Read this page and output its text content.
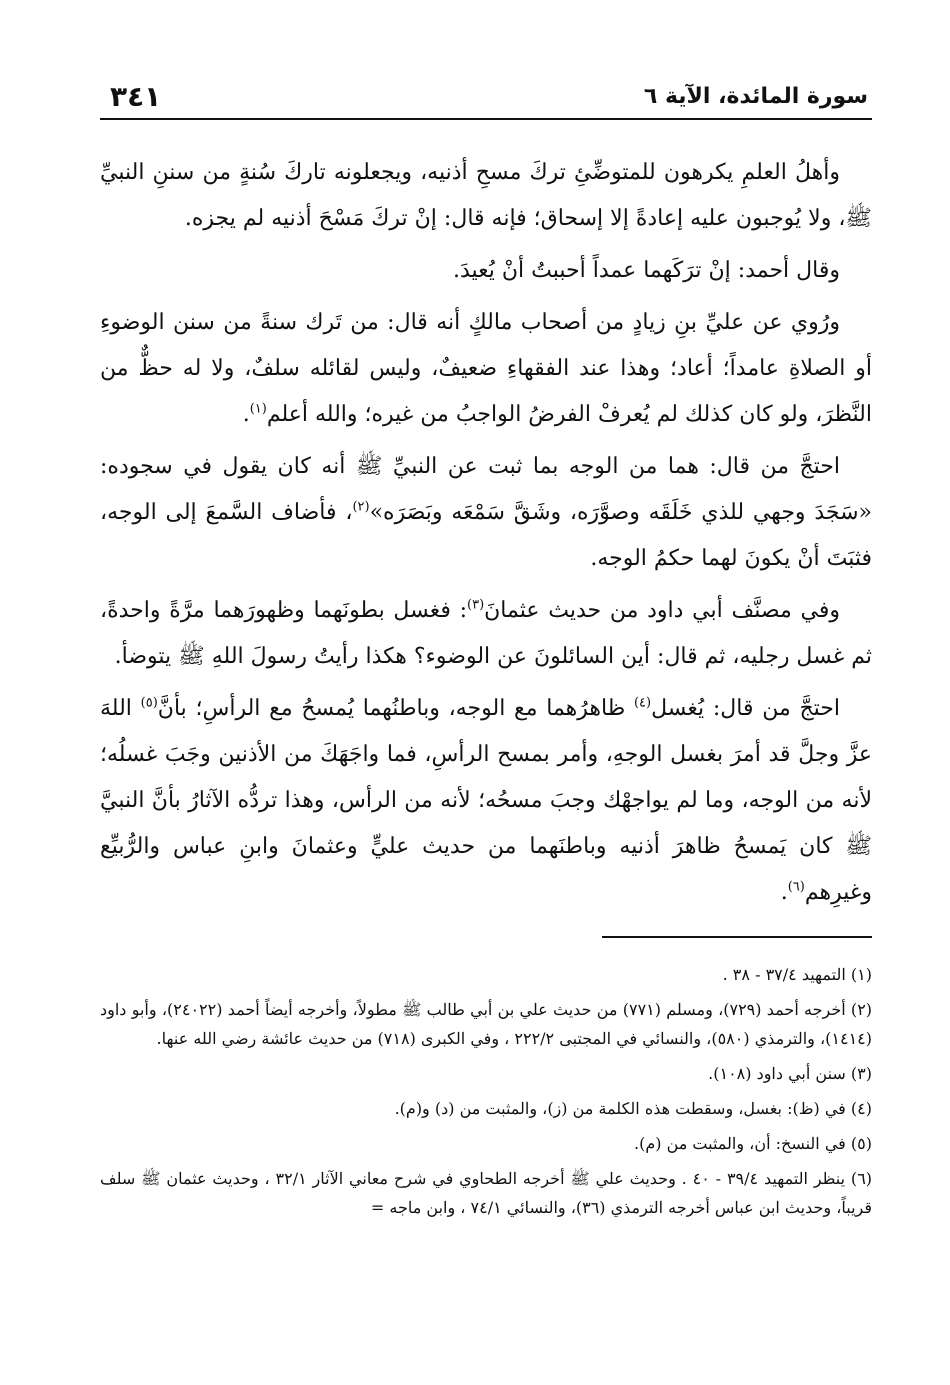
سورة المائدة، الآية ٦
٣٤١

وأهلُ العلمِ يكرهون للمتوضِّئِ تركَ مسحِ أذنيه، ويجعلونه تاركَ سُنةٍ من سننِ النبيِّ ﷺ، ولا يُوجبون عليه إعادةً إلا إسحاق؛ فإنه قال: إنْ تركَ مَسْحَ أذنيه لم يجزه.

وقال أحمد: إنْ ترَكَهما عمداً أحببتُ أنْ يُعيدَ.

ورُوي عن عليِّ بنِ زيادٍ من أصحاب مالكٍ أنه قال: من تَرك سنةً من سنن الوضوءِ أو الصلاةِ عامداً؛ أعاد؛ وهذا عند الفقهاءِ ضعيفٌ، وليس لقائله سلفٌ، ولا له حظٌّ من النَّظرَ، ولو كان كذلك لم يُعرفْ الفرضُ الواجبُ من غيره؛ والله أعلم$^{(١)}$.

احتجَّ من قال: هما من الوجه بما ثبت عن النبيِّ ﷺ أنه كان يقول في سجوده: «سَجَدَ وجهي للذي خَلَقَه وصوَّرَه، وشَقَّ سَمْعَه وبَصَرَه»$^{(٢)}$، فأضاف السَّمعَ إلى الوجه، فثبَتَ أنْ يكونَ لهما حكمُ الوجه.

وفي مصنَّف أبي داود من حديث عثمانَ$^{(٣)}$: فغسل بطونَهما وظهورَهما مرَّةً واحدةً، ثم غسل رجليه، ثم قال: أين السائلونَ عن الوضوء؟ هكذا رأيتُ رسولَ اللهِ ﷺ يتوضأ.

احتجَّ من قال: يُغسل$^{(٤)}$ ظاهرُهما مع الوجه، وباطنُهما يُمسحُ مع الرأسِ؛ بأنَّ$^{(٥)}$ اللهَ عزَّ وجلَّ قد أمرَ بغسل الوجهِ، وأمر بمسح الرأسِ، فما واجَهَكَ من الأذنين وجَبَ غسلُه؛ لأنه من الوجه، وما لم يواجهْك وجبَ مسحُه؛ لأنه من الرأس، وهذا تردُّه الآثارُ بأنَّ النبيَّ ﷺ كان يَمسحُ ظاهرَ أذنيه وباطنَهما من حديث عليٍّ وعثمانَ وابنِ عباس والرُّبيِّع وغيرِهم$^{(٦)}$.

(١) التمهيد ٣٧/٤ - ٣٨ .

(٢) أخرجه أحمد (٧٢٩)، ومسلم (٧٧١) من حديث علي بن أبي طالب ﷺ مطولاً، وأخرجه أيضاً أحمد (٢٤٠٢٢)، وأبو داود (١٤١٤)، والترمذي (٥٨٠)، والنسائي في المجتبى ٢٢٢/٢ ، وفي الكبرى (٧١٨) من حديث عائشة رضي الله عنها.

(٣) سنن أبي داود (١٠٨).

(٤) في (ظ): بغسل، وسقطت هذه الكلمة من (ز)، والمثبت من (د) و(م).

(٥) في النسخ: أن، والمثبت من (م).

(٦) ينظر التمهيد ٣٩/٤ - ٤٠ . وحديث علي ﷺ أخرجه الطحاوي في شرح معاني الآثار ٣٢/١ ، وحديث عثمان ﷺ سلف قريباً، وحديث ابن عباس أخرجه الترمذي (٣٦)، والنسائي ٧٤/١ ، وابن ماجه =
